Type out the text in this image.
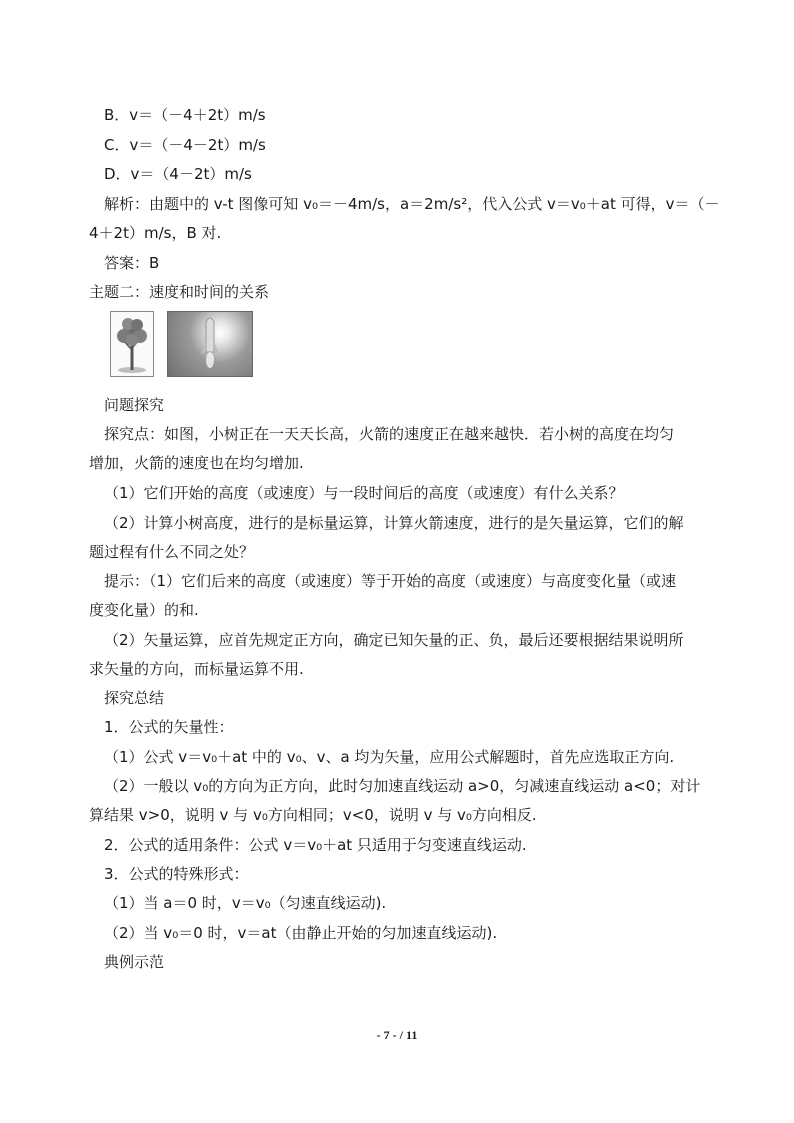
B．v＝（－4＋2t）m/s
C．v＝（－4－2t）m/s
D．v＝（4－2t）m/s
解析：由题中的 v-t 图像可知 v₀＝－4m/s，a＝2m/s²，代入公式 v＝v₀＋at 可得，v＝（－
4＋2t）m/s，B 对.
答案：B
主题二：速度和时间的关系
问题探究
探究点：如图，小树正在一天天长高，火箭的速度正在越来越快．若小树的高度在均匀
增加，火箭的速度也在均匀增加.
（1）它们开始的高度（或速度）与一段时间后的高度（或速度）有什么关系？
（2）计算小树高度，进行的是标量运算，计算火箭速度，进行的是矢量运算，它们的解
题过程有什么不同之处？
提示：（1）它们后来的高度（或速度）等于开始的高度（或速度）与高度变化量（或速
度变化量）的和.
（2）矢量运算，应首先规定正方向，确定已知矢量的正、负，最后还要根据结果说明所
求矢量的方向，而标量运算不用.
探究总结
1．公式的矢量性：
（1）公式 v＝v₀＋at 中的 v₀、v、a 均为矢量，应用公式解题时，首先应选取正方向.
（2）一般以 v₀的方向为正方向，此时匀加速直线运动 a>0，匀减速直线运动 a<0；对计
算结果 v>0，说明 v 与 v₀方向相同；v<0，说明 v 与 v₀方向相反.
2．公式的适用条件：公式 v＝v₀＋at 只适用于匀变速直线运动.
3．公式的特殊形式：
（1）当 a＝0 时，v＝v₀（匀速直线运动).
（2）当 v₀＝0 时，v＝at（由静止开始的匀加速直线运动).
典例示范
- 7 - / 11
